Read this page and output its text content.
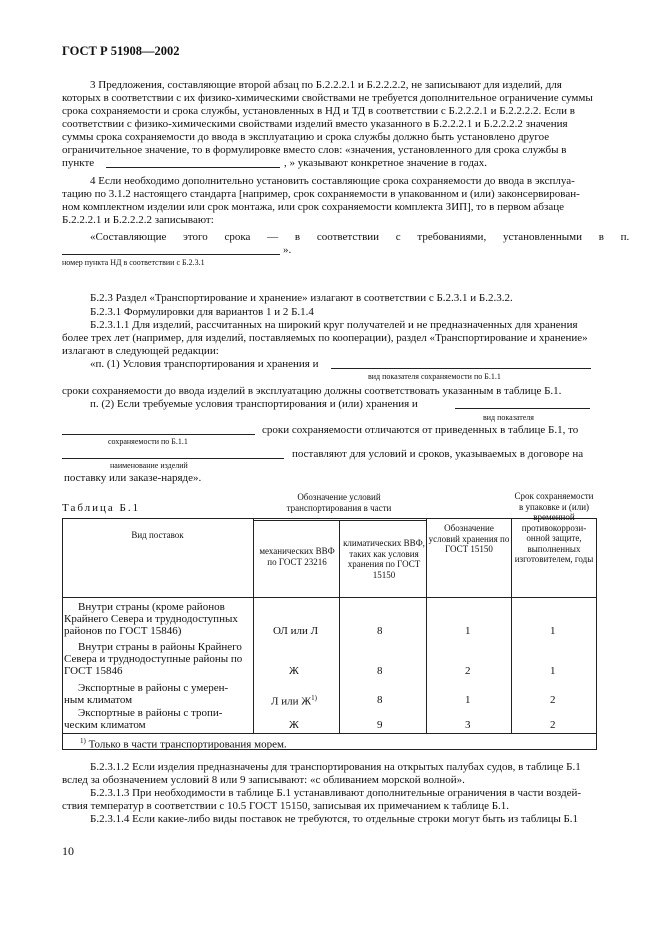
ГОСТ Р 51908—2002
3 Предложения, составляющие второй абзац по Б.2.2.2.1 и Б.2.2.2.2, не записывают для изделий, для
которых в соответствии с их физико-химическими свойствами не требуется дополнительное ограничение суммы
срока сохраняемости и срока службы, установленных в НД и ТД в соответствии с Б.2.2.2.1 и Б.2.2.2.2. Если в
соответствии с физико-химическими свойствами изделий вместо указанного в Б.2.2.2.1 и Б.2.2.2.2 значения
суммы срока сохраняемости до ввода в эксплуатацию и срока службы должно быть установлено другое
ограничительное значение, то в формулировке вместо слов: «значения, установленного для срока службы в
пункте	, » указывают конкретное значение в годах.
4 Если необходимо дополнительно установить составляющие срока сохраняемости до ввода в эксплуа-
тацию по 3.1.2 настоящего стандарта [например, срок сохраняемости в упакованном и (или) законсервирован-
ном комплектном изделии или срок монтажа, или срок сохраняемости комплекта ЗИП], то в первом абзаце
Б.2.2.2.1 и Б.2.2.2.2 записывают:
«Составляющие этого срока — в соответствии с требованиями, установленными в п.
».
номер пункта НД в соответствии с Б.2.3.1
Б.2.3 Раздел «Транспортирование и хранение» излагают в соответствии с Б.2.3.1 и Б.2.3.2.
Б.2.3.1 Формулировки для вариантов 1 и 2 Б.1.4
Б.2.3.1.1 Для изделий, рассчитанных на широкий круг получателей и не предназначенных для хранения
более трех лет (например, для изделий, поставляемых по кооперации), раздел «Транспортирование и хранение»
излагают в следующей редакции:
«п. (1) Условия транспортирования и хранения и
вид показателя сохраняемости по Б.1.1
сроки сохраняемости до ввода изделий в эксплуатацию должны соответствовать указанным в таблице Б.1.
п. (2) Если требуемые условия транспортирования и (или) хранения и
вид показателя
сроки сохраняемости отличаются от приведенных в таблице Б.1, то
сохраняемости по Б.1.1
поставляют для условий и сроков, указываемых в договоре на
наименование изделий
поставку или заказе-наряде».
Таблица Б.1
Вид поставок
Обозначение условий транспортирования в части
механических ВВФ по ГОСТ 23216
климатических ВВФ, таких как условия хранения по ГОСТ 15150
Обозначение условий хранения по ГОСТ 15150
Срок сохраняемости в упаковке и (или) временной противокоррози-онной защите, выполненных изготовителем, годы
Внутри страны (кроме районов
Крайнего Севера и труднодоступных
районов по ГОСТ 15846)	ОЛ или Л	8	1	1
Внутри страны в районы Крайнего
Севера и труднодоступные районы по
ГОСТ 15846	Ж	8	2	1
Экспортные в районы с умерен-
ным климатом	Л или $Ж^{1)}$	8	1	2
Экспортные в районы с тропи-
ческим климатом	Ж	9	3	2
$^{1)}$ Только в части транспортирования морем.
Б.2.3.1.2 Если изделия предназначены для транспортирования на открытых палубах судов, в таблице Б.1
вслед за обозначением условий 8 или 9 записывают: «с обливанием морской волной».
Б.2.3.1.3 При необходимости в таблице Б.1 устанавливают дополнительные ограничения в части воздей-
ствия температур в соответствии с 10.5 ГОСТ 15150, записывая их примечанием к таблице Б.1.
Б.2.3.1.4 Если какие-либо виды поставок не требуются, то отдельные строки могут быть из таблицы Б.1
10
